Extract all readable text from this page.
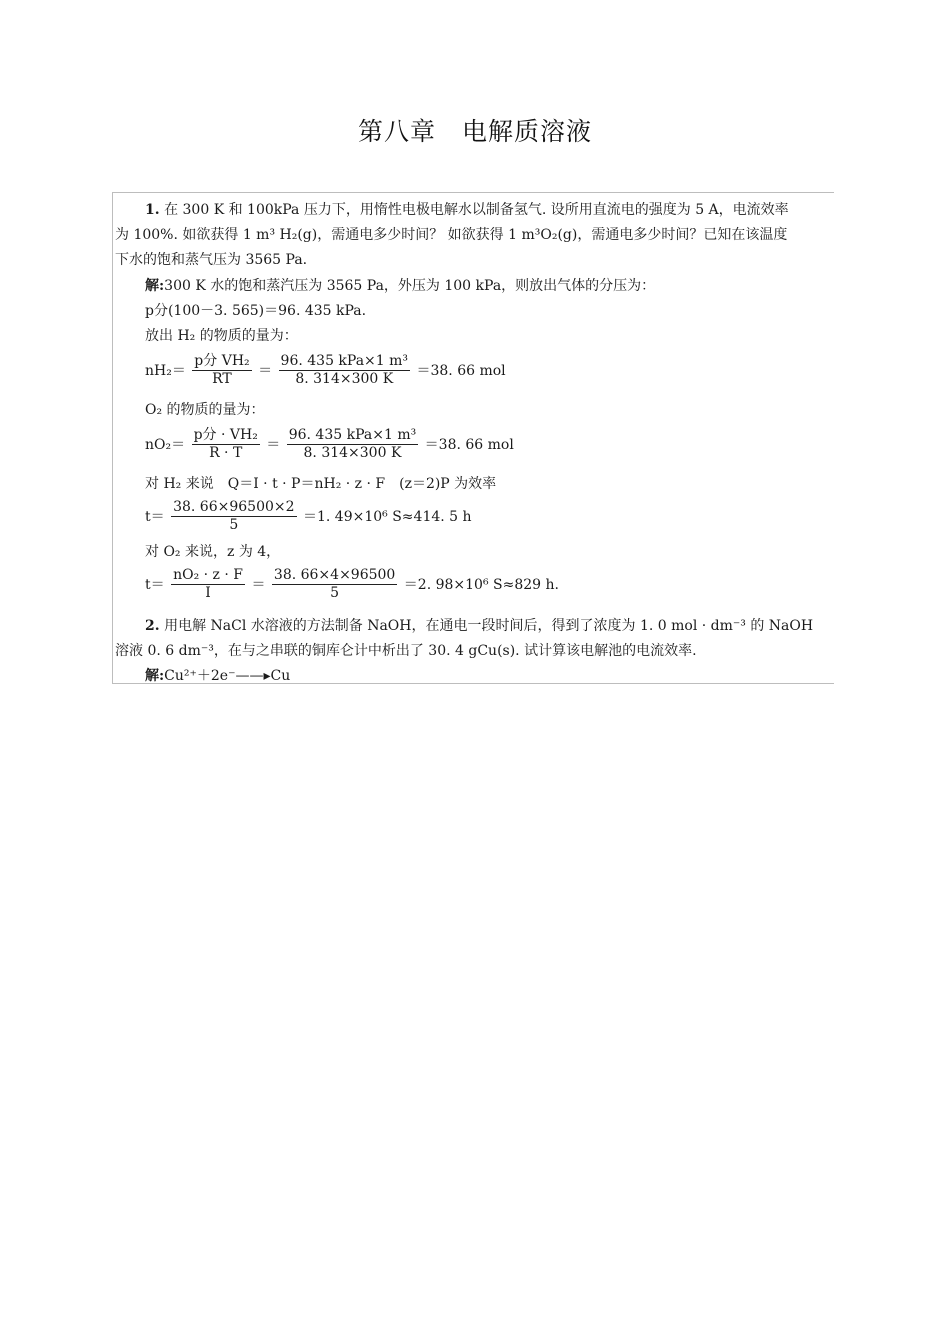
第八章　电解质溶液
1. 在 300 K 和 100kPa 压力下，用惰性电极电解水以制备氢气. 设所用直流电的强度为 5 A，电流效率
为 100%. 如欲获得 1 m³ H₂(g)，需通电多少时间？ 如欲获得 1 m³O₂(g)，需通电多少时间？已知在该温度
下水的饱和蒸气压为 3565 Pa.
解:300 K 水的饱和蒸汽压为 3565 Pa，外压为 100 kPa，则放出气体的分压为：
p分(100－3. 565)＝96. 435 kPa.
放出 H₂ 的物质的量为：
$nH_2= \frac{\text{p分 VH₂}}{RT} = \frac{\text{96. 435 kPa×1 m³}}{8. 314\times 300 K} =38$. 66 mol
O₂ 的物质的量为：
$nO_2= \frac{\text{p分 · VH₂}}{R \cdot T} = \frac{\text{96. 435 kPa×1 m³}}{8. 314\times 300 K} =38$. 66 mol
对 H₂ 来说　Q＝I · t · P＝nH₂ · z · F　(z＝2)P 为效率
$t= \frac{38. 66\times 96500\times 2}{5} =1$. 49×10⁶ S≈414. 5 h
对 O₂ 来说，z 为 4，
$t= \frac{\text{nO₂ · z · F}}{I} = \frac{38. 66\times 4\times 96500}{5} =2$. 98×10⁶ S≈829 h.
2. 用电解 NaCl 水溶液的方法制备 NaOH，在通电一段时间后，得到了浓度为 1. 0 mol · dm⁻³ 的 NaOH
溶液 0. 6 dm⁻³，在与之串联的铜库仑计中析出了 30. 4 gCu(s). 试计算该电解池的电流效率.
解:Cu²⁺＋2e⁻——▸Cu
